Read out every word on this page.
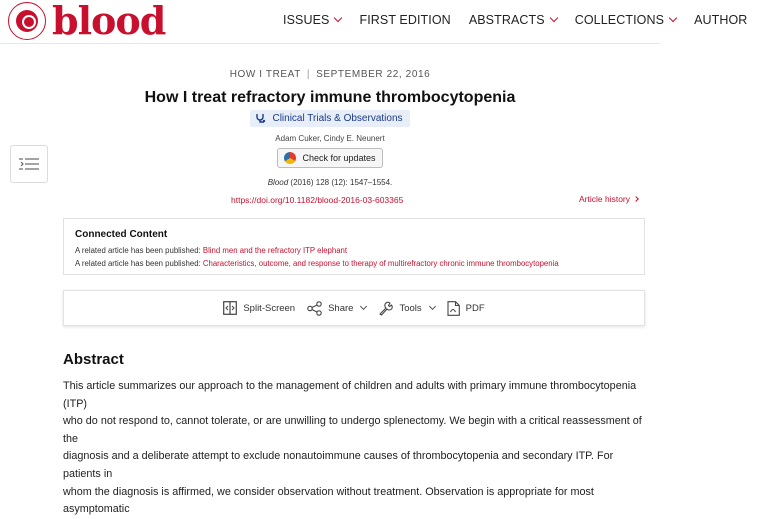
blood	ISSUES FIRST EDITION ABSTRACTS COLLECTIONS AUTHOR
HOW I TREAT | SEPTEMBER 22, 2016
How I treat refractory immune thrombocytopenia
Clinical Trials & Observations
Adam Cuker, Cindy E. Neunert
Check for updates
Blood (2016) 128 (12): 1547–1554.
https://doi.org/10.1182/blood-2016-03-603365	Article history
Connected Content
A related article has been published: Blind men and the refractory ITP elephant
A related article has been published: Characteristics, outcome, and response to therapy of multirefractory chronic immune thrombocytopenia
Split-Screen	Share	Tools	PDF
Abstract
This article summarizes our approach to the management of children and adults with primary immune thrombocytopenia (ITP)
who do not respond to, cannot tolerate, or are unwilling to undergo splenectomy. We begin with a critical reassessment of the
diagnosis and a deliberate attempt to exclude nonautoimmune causes of thrombocytopenia and secondary ITP. For patients in
whom the diagnosis is affirmed, we consider observation without treatment. Observation is appropriate for most asymptomatic
